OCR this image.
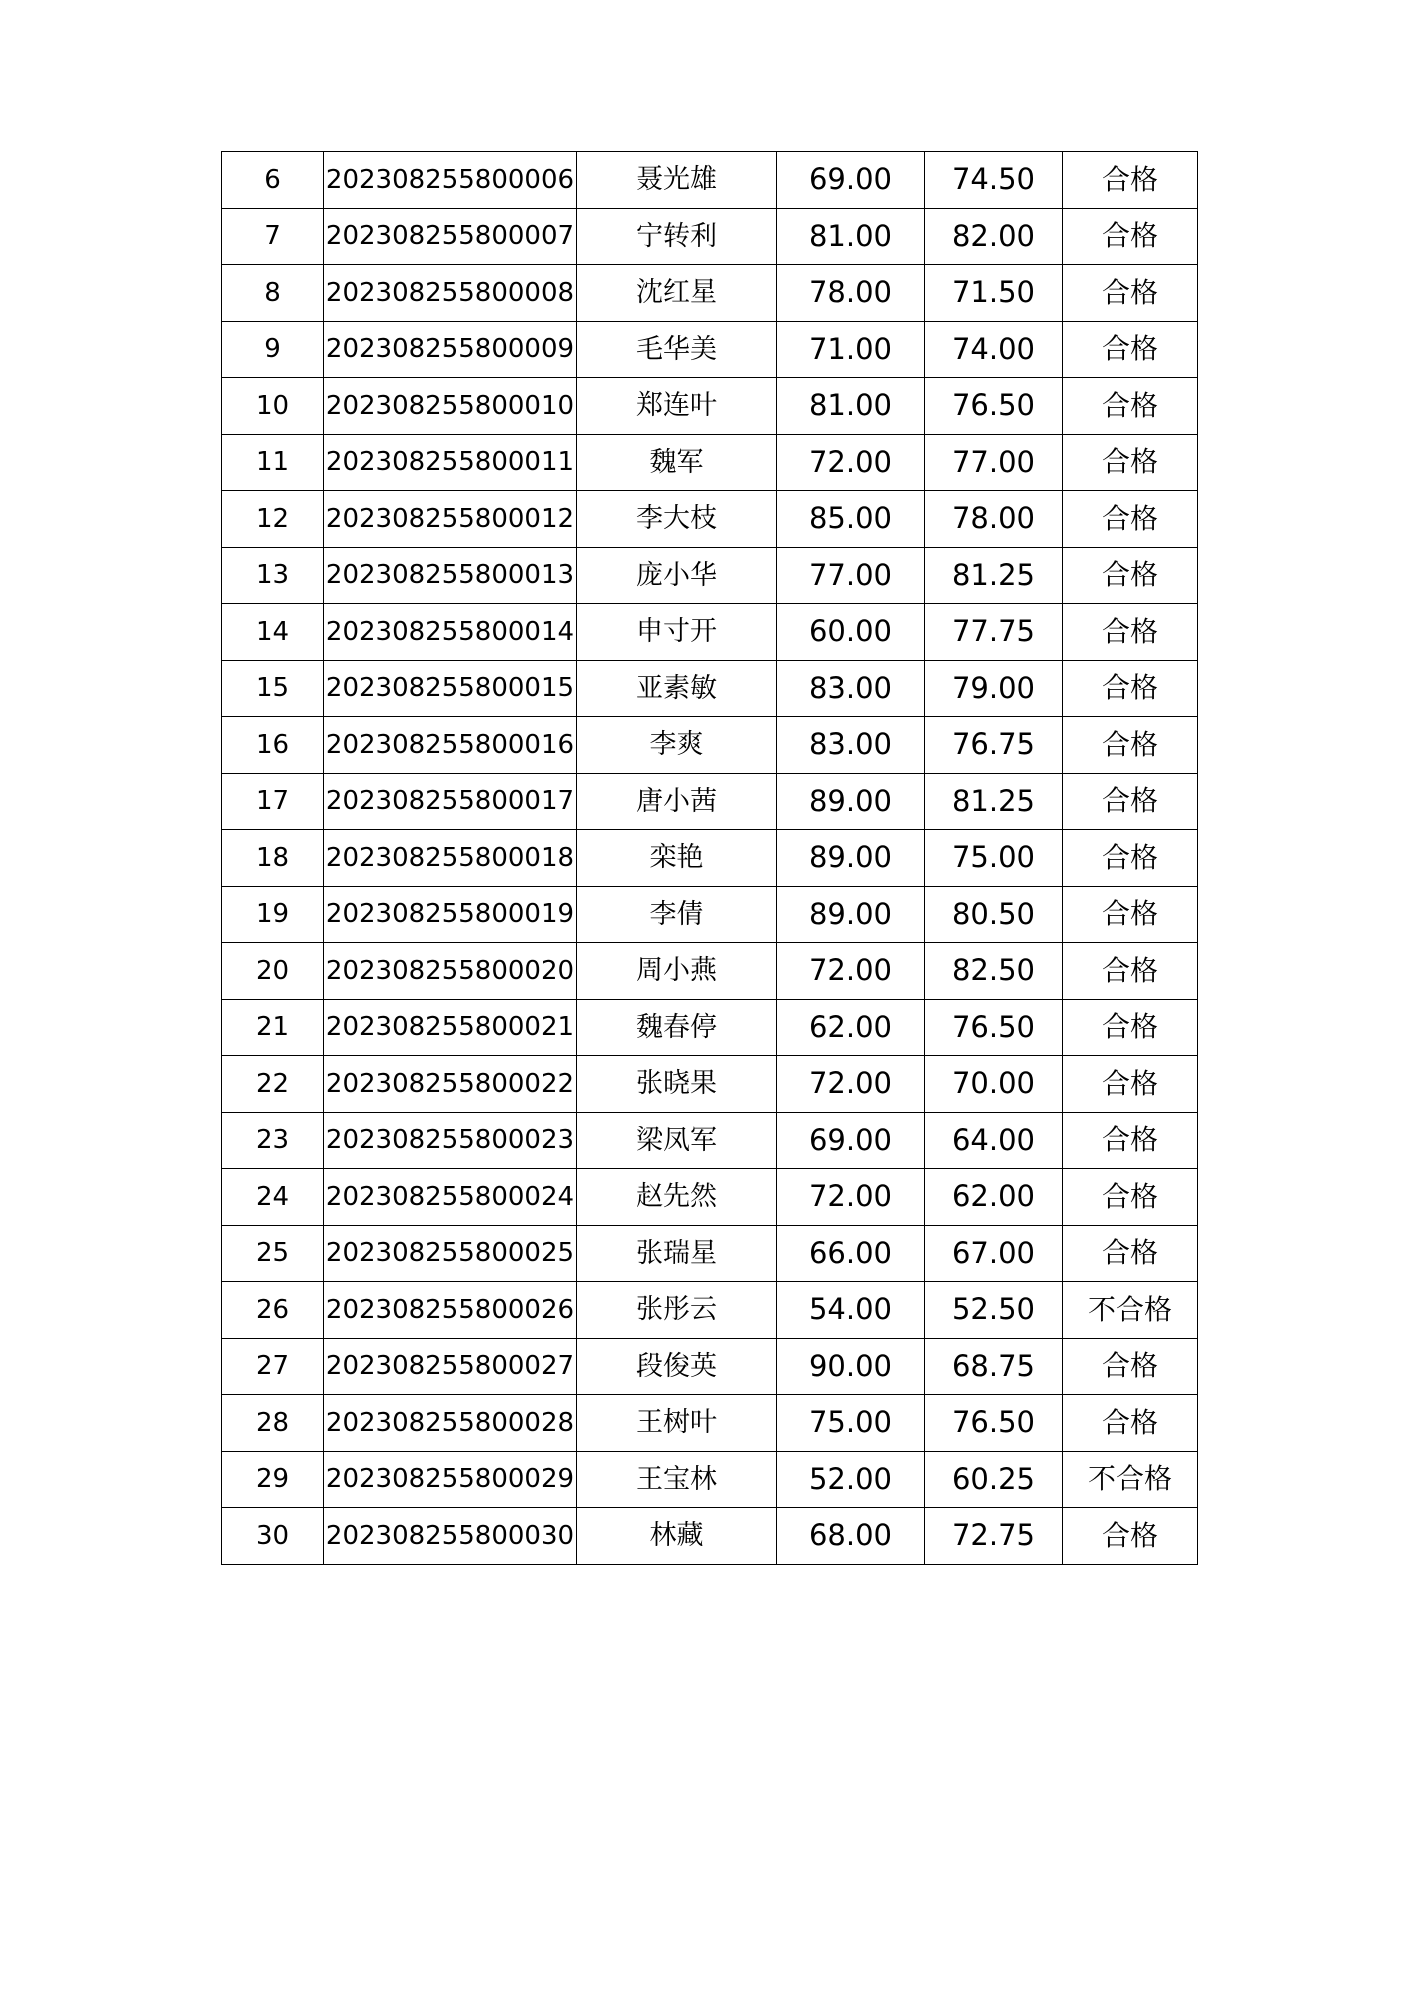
6	202308255800006	聂光雄	69.00	74.50	合格
7	202308255800007	宁转利	81.00	82.00	合格
8	202308255800008	沈红星	78.00	71.50	合格
9	202308255800009	毛华美	71.00	74.00	合格
10	202308255800010	郑连叶	81.00	76.50	合格
11	202308255800011	魏军	72.00	77.00	合格
12	202308255800012	李大枝	85.00	78.00	合格
13	202308255800013	庞小华	77.00	81.25	合格
14	202308255800014	申寸开	60.00	77.75	合格
15	202308255800015	亚素敏	83.00	79.00	合格
16	202308255800016	李爽	83.00	76.75	合格
17	202308255800017	唐小茜	89.00	81.25	合格
18	202308255800018	栾艳	89.00	75.00	合格
19	202308255800019	李倩	89.00	80.50	合格
20	202308255800020	周小燕	72.00	82.50	合格
21	202308255800021	魏春停	62.00	76.50	合格
22	202308255800022	张晓果	72.00	70.00	合格
23	202308255800023	梁凤军	69.00	64.00	合格
24	202308255800024	赵先然	72.00	62.00	合格
25	202308255800025	张瑞星	66.00	67.00	合格
26	202308255800026	张彤云	54.00	52.50	不合格
27	202308255800027	段俊英	90.00	68.75	合格
28	202308255800028	王树叶	75.00	76.50	合格
29	202308255800029	王宝林	52.00	60.25	不合格
30	202308255800030	林藏	68.00	72.75	合格
